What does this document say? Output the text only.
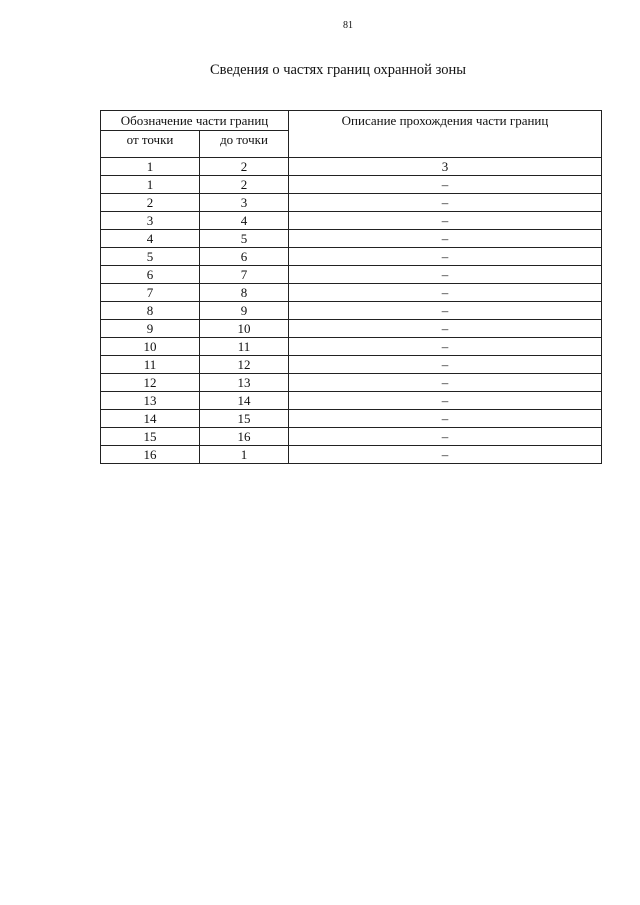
81
Сведения о частях границ охранной зоны
Обозначение части границ		Описание прохождения части границ
от точки	до точки	
1	2	3
1	2	–
2	3	–
3	4	–
4	5	–
5	6	–
6	7	–
7	8	–
8	9	–
9	10	–
10	11	–
11	12	–
12	13	–
13	14	–
14	15	–
15	16	–
16	1	–
